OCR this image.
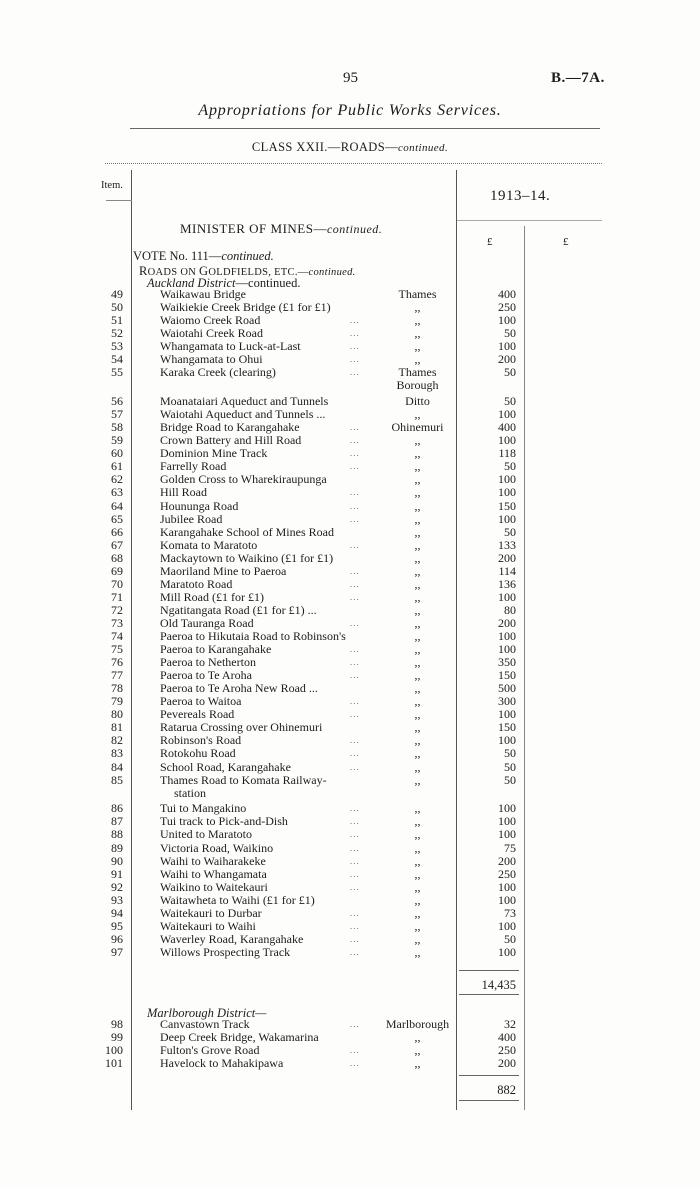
95	B.—7A.
Appropriations for Public Works Services.
CLASS XXII.—ROADS—continued.
Item.
1913–14.
MINISTER OF MINES—continued.
£	£
VOTE No. 111—continued.
ROADS ON GOLDFIELDS, ETC.—continued.
Auckland District—continued.
49	Waikawau Bridge	Thames	400
50	Waikiekie Creek Bridge (£1 for £1)	,,	250
51	Waiomo Creek Road	...	,,	100
52	Waiotahi Creek Road	...	,,	50
53	Whangamata to Luck-at-Last	...	,,	100
54	Whangamata to Ohui	...	,,	200
55	Karaka Creek (clearing)	...	Thames	50
Borough
56	Moanataiari Aqueduct and Tunnels	Ditto	50
57	Waiotahi Aqueduct and Tunnels ...	,,	100
58	Bridge Road to Karangahake	...	Ohinemuri	400
59	Crown Battery and Hill Road	...	,,	100
60	Dominion Mine Track	...	,,	118
61	Farrelly Road	...	,,	50
62	Golden Cross to Wharekiraupunga	,,	100
63	Hill Road	...	,,	100
64	Hoununga Road	...	,,	150
65	Jubilee Road	...	,,	100
66	Karangahake School of Mines Road	,,	50
67	Komata to Maratoto	...	,,	133
68	Mackaytown to Waikino (£1 for £1)	,,	200
69	Maoriland Mine to Paeroa	...	,,	114
70	Maratoto Road	...	,,	136
71	Mill Road (£1 for £1)	...	,,	100
72	Ngatitangata Road (£1 for £1) ...	,,	80
73	Old Tauranga Road	...	,,	200
74	Paeroa to Hikutaia Road to Robinson's	,,	100
75	Paeroa to Karangahake	...	,,	100
76	Paeroa to Netherton	...	,,	350
77	Paeroa to Te Aroha	...	,,	150
78	Paeroa to Te Aroha New Road ...	,,	500
79	Paeroa to Waitoa	...	,,	300
80	Pevereals Road	...	,,	100
81	Ratarua Crossing over Ohinemuri	,,	150
82	Robinson's Road	...	,,	100
83	Rotokohu Road	...	,,	50
84	School Road, Karangahake	...	,,	50
85	Thames Road to Komata Railway-	,,	50
station
86	Tui to Mangakino	...	,,	100
87	Tui track to Pick-and-Dish	...	,,	100
88	United to Maratoto	...	,,	100
89	Victoria Road, Waikino	...	,,	75
90	Waihi to Waiharakeke	...	,,	200
91	Waihi to Whangamata	...	,,	250
92	Waikino to Waitekauri	...	,,	100
93	Waitawheta to Waihi (£1 for £1)	,,	100
94	Waitekauri to Durbar	...	,,	73
95	Waitekauri to Waihi	...	,,	100
96	Waverley Road, Karangahake	...	,,	50
97	Willows Prospecting Track	...	,,	100
14,435
Marlborough District—
98	Canvastown Track	...	Marlborough	32
99	Deep Creek Bridge, Wakamarina	,,	400
100	Fulton's Grove Road	...	,,	250
101	Havelock to Mahakipawa	...	,,	200
882
